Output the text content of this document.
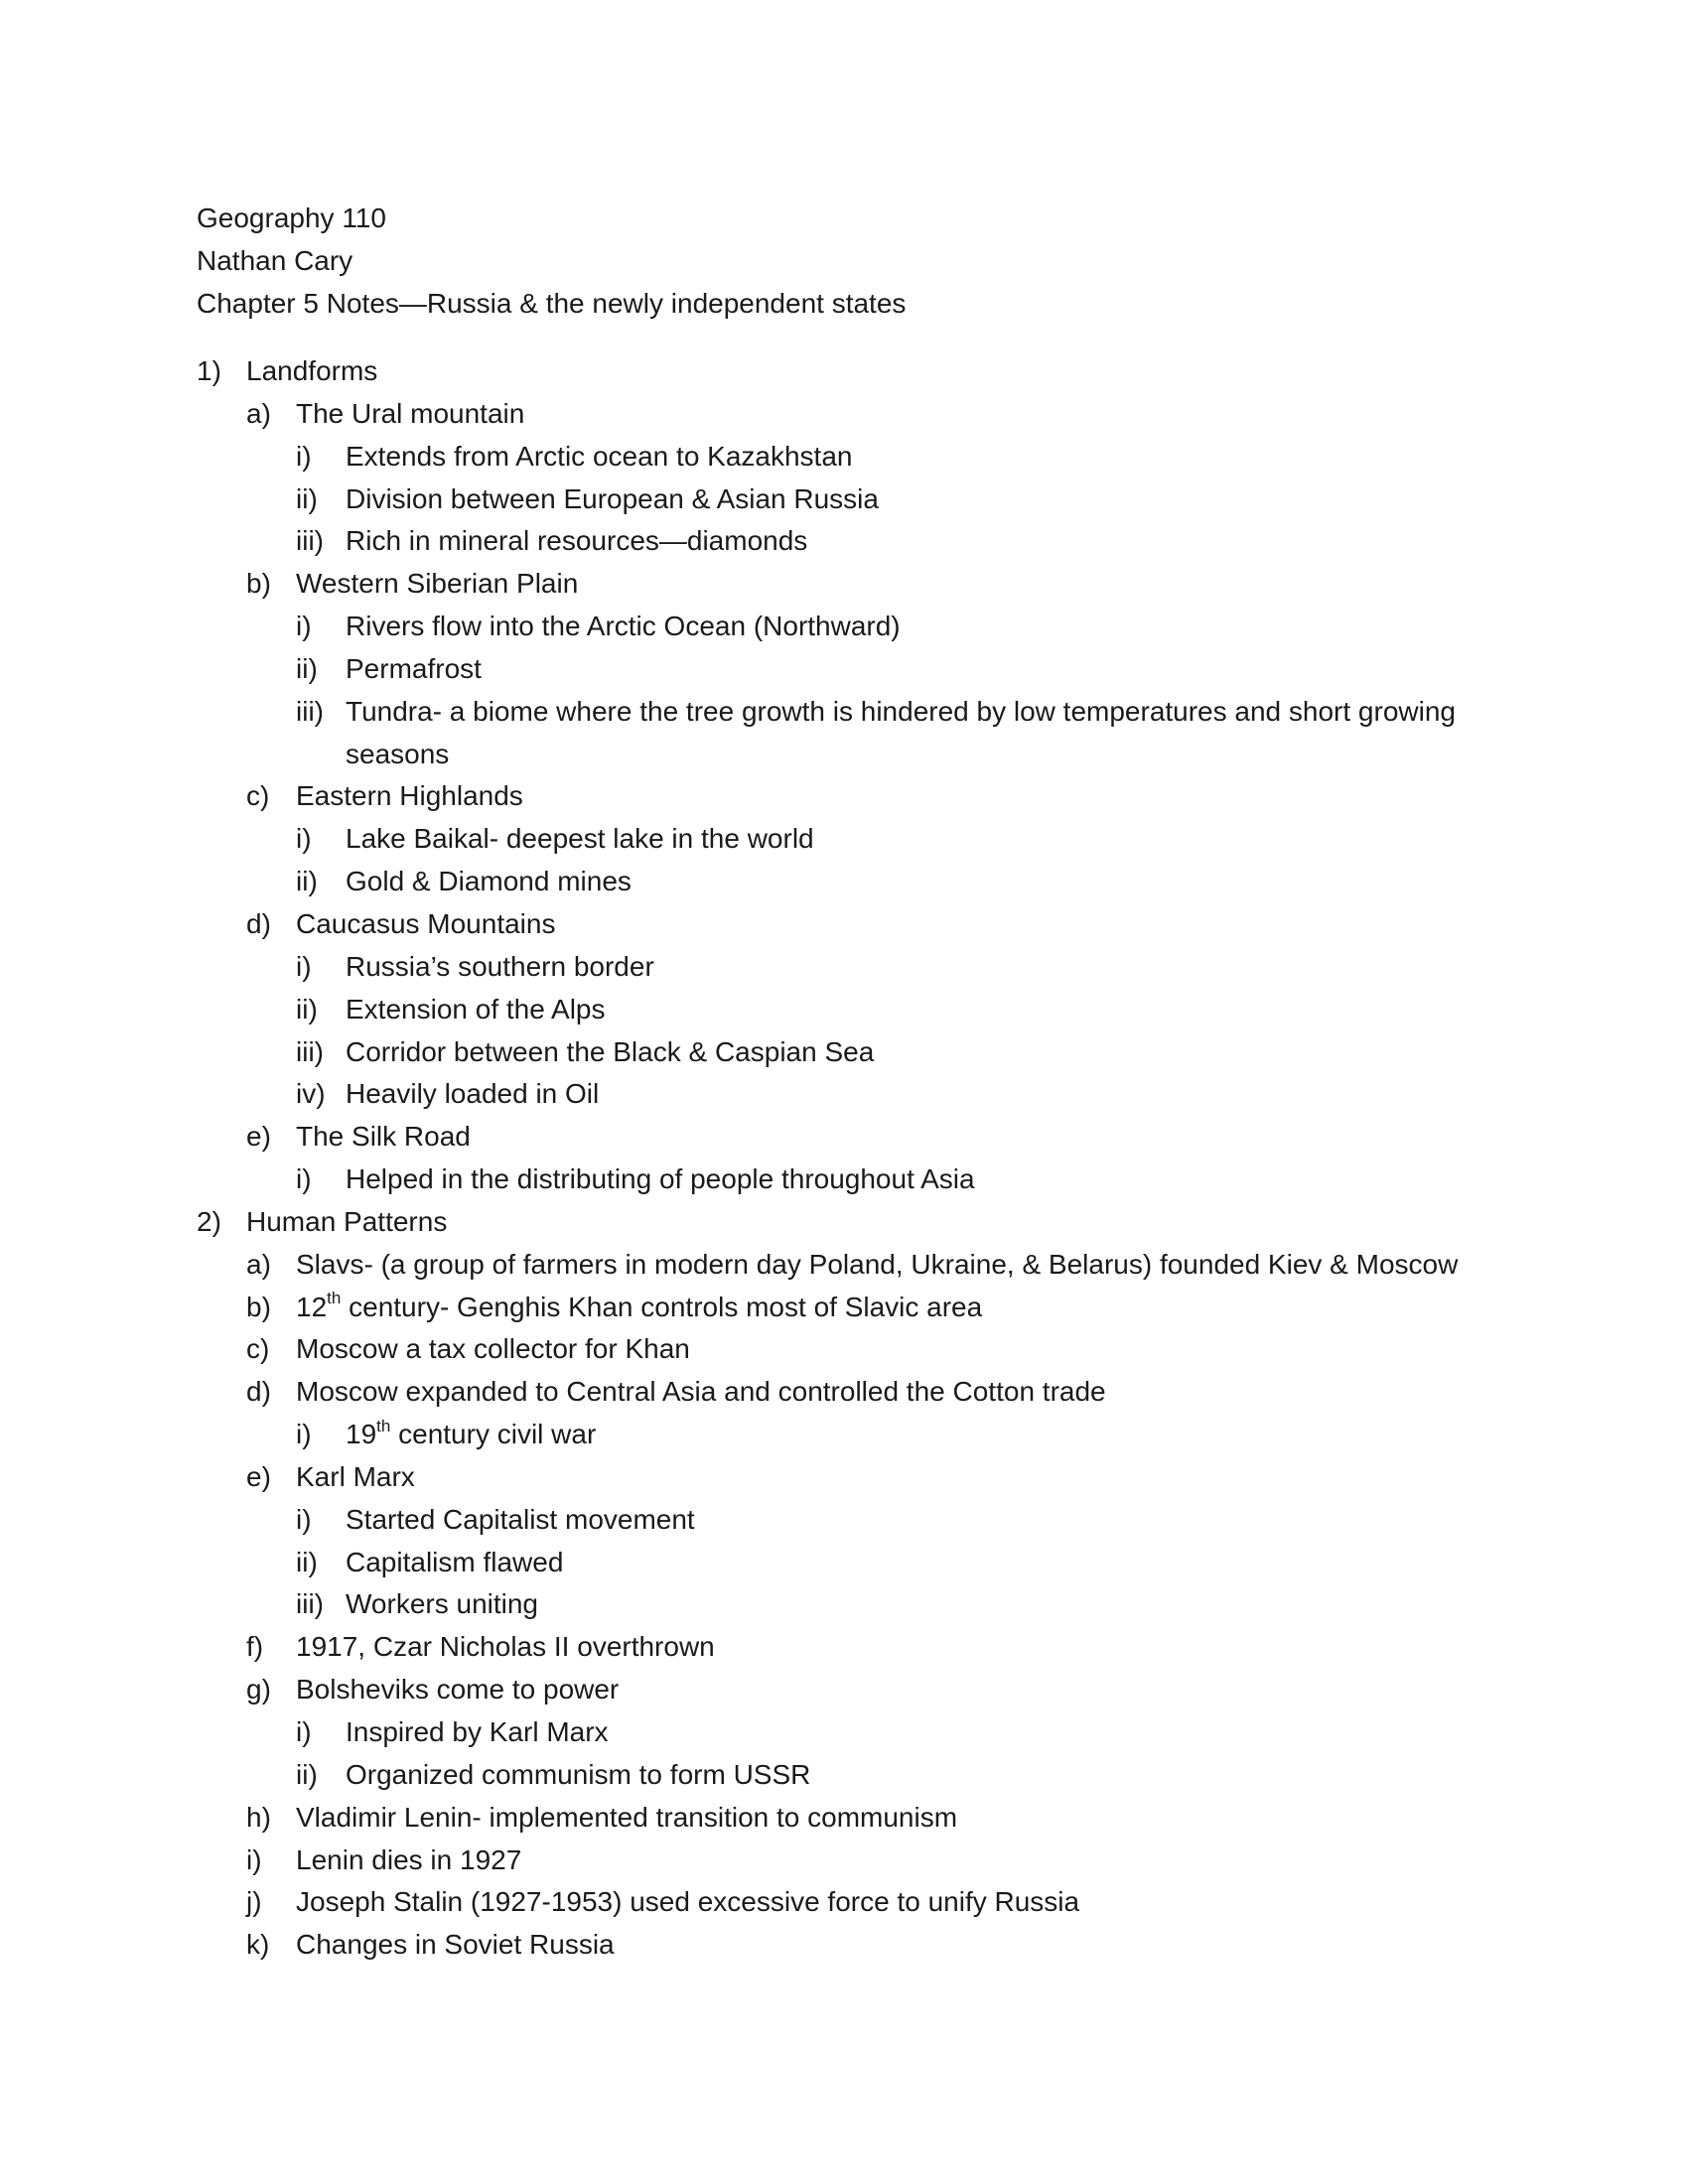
Geography 110
Nathan Cary
Chapter 5 Notes—Russia & the newly independent states
1) Landforms
a) The Ural mountain
i) Extends from Arctic ocean to Kazakhstan
ii) Division between European & Asian Russia
iii) Rich in mineral resources—diamonds
b) Western Siberian Plain
i) Rivers flow into the Arctic Ocean (Northward)
ii) Permafrost
iii) Tundra- a biome where the tree growth is hindered by low temperatures and short growing
seasons
c) Eastern Highlands
i) Lake Baikal- deepest lake in the world
ii) Gold & Diamond mines
d) Caucasus Mountains
i) Russia’s southern border
ii) Extension of the Alps
iii) Corridor between the Black & Caspian Sea
iv) Heavily loaded in Oil
e) The Silk Road
i) Helped in the distributing of people throughout Asia
2) Human Patterns
a) Slavs- (a group of farmers in modern day Poland, Ukraine, & Belarus) founded Kiev & Moscow
b) 12th century- Genghis Khan controls most of Slavic area
c) Moscow a tax collector for Khan
d) Moscow expanded to Central Asia and controlled the Cotton trade
i) 19th century civil war
e) Karl Marx
i) Started Capitalist movement
ii) Capitalism flawed
iii) Workers uniting
f) 1917, Czar Nicholas II overthrown
g) Bolsheviks come to power
i) Inspired by Karl Marx
ii) Organized communism to form USSR
h) Vladimir Lenin- implemented transition to communism
i) Lenin dies in 1927
j) Joseph Stalin (1927-1953) used excessive force to unify Russia
k) Changes in Soviet Russia
